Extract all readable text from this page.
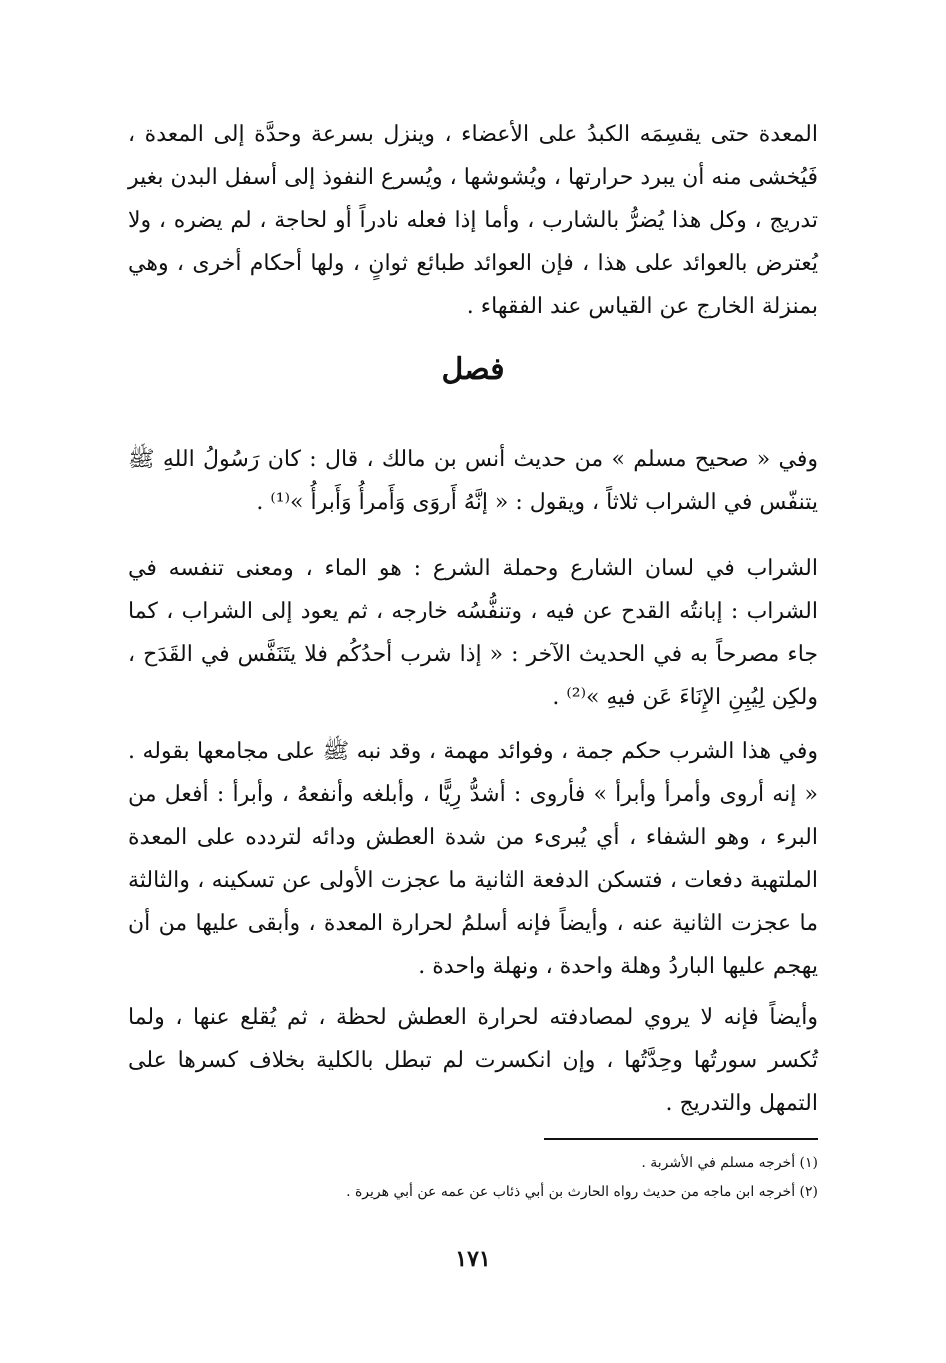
المعدة حتى يقسِمَه الكبدُ على الأعضاء ، وينزل بسرعة وحدَّة إلى المعدة ، فَيُخشى منه أن يبرد حرارتها ، ويُشوشها ، ويُسرع النفوذ إلى أسفل البدن بغير تدريج ، وكل هذا يُضرُّ بالشارب ، وأما إذا فعله نادراً أو لحاجة ، لم يضره ، ولا يُعترض بالعوائد على هذا ، فإن العوائد طبائع ثوانٍ ، ولها أحكام أخرى ، وهي بمنزلة الخارج عن القياس عند الفقهاء .

فصل

وفي « صحيح مسلم » من حديث أنس بن مالك ، قال : كان رَسُولُ اللهِ ﷺ يتنفّس في الشراب ثلاثاً ، ويقول : « إنَّهُ أَروَى وَأَمرأُ وَأَبرأُ »⁽¹⁾ .

الشراب في لسان الشارع وحملة الشرع : هو الماء ، ومعنى تنفسه في الشراب : إبانتُه القدح عن فيه ، وتنفُّسُه خارجه ، ثم يعود إلى الشراب ، كما جاء مصرحاً به في الحديث الآخر : « إذا شرب أحدُكُم فلا يتَنَفَّس في القَدَح ، ولكِن لِيُبِنِ الإِنَاءَ عَن فيهِ »⁽²⁾ .

وفي هذا الشرب حكم جمة ، وفوائد مهمة ، وقد نبه ﷺ على مجامعها بقوله . « إنه أروى وأمرأ وأبرأ » فأروى : أشدُّ رِيًّا ، وأبلغه وأنفعهُ ، وأبرأ : أفعل من البرء ، وهو الشفاء ، أي يُبرىء من شدة العطش ودائه لتردده على المعدة الملتهبة دفعات ، فتسكن الدفعة الثانية ما عجزت الأولى عن تسكينه ، والثالثة ما عجزت الثانية عنه ، وأيضاً فإنه أسلمُ لحرارة المعدة ، وأبقى عليها من أن يهجم عليها الباردُ وهلة واحدة ، ونهلة واحدة .

وأيضاً فإنه لا يروي لمصادفته لحرارة العطش لحظة ، ثم يُقلع عنها ، ولما تُكسر سورتُها وحِدَّتُها ، وإن انكسرت لم تبطل بالكلية بخلاف كسرها على التمهل والتدريج .

(١) أخرجه مسلم في الأشربة .

(٢) أخرجه ابن ماجه من حديث رواه الحارث بن أبي ذئاب عن عمه عن أبي هريرة .

١٧١
